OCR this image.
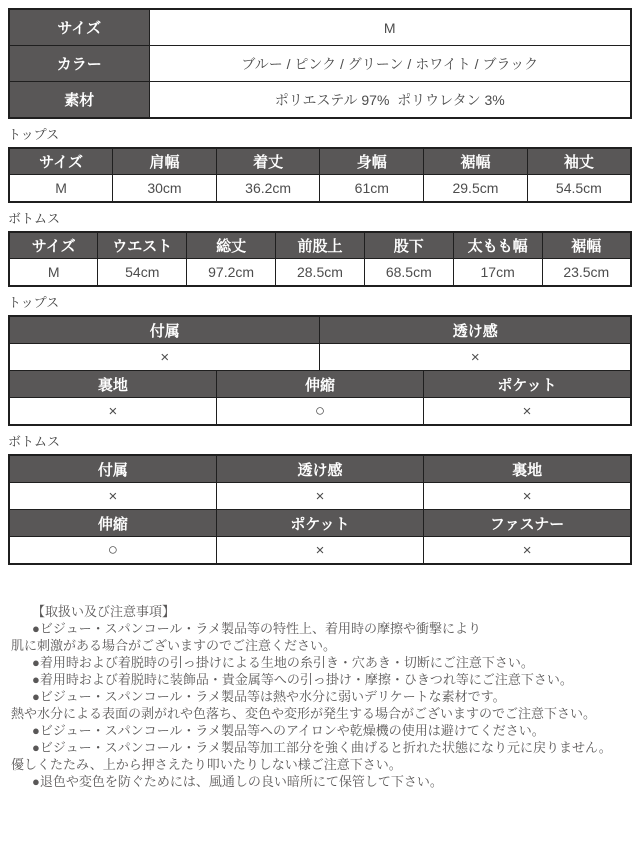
サイズ	M
カラー	ブルー / ピンク / グリーン / ホワイト / ブラック
素材	ポリエステル 97%  ポリウレタン 3%
トップス
サイズ	肩幅	着丈	身幅	裾幅	袖丈
M	30cm	36.2cm	61cm	29.5cm	54.5cm
ボトムス
サイズ	ウエスト	総丈	前股上	股下	太もも幅	裾幅
M	54cm	97.2cm	28.5cm	68.5cm	17cm	23.5cm
トップス
付属		透け感	
×		×	
裏地	伸縮		ポケット
×	○		×
ボトムス
付属	透け感	裏地
×	×	×
伸縮	ポケット	ファスナー
○	×	×
【取扱い及び注意事項】
●ビジュー・スパンコール・ラメ製品等の特性上、着用時の摩擦や衝撃により
肌に刺激がある場合がございますのでご注意ください。
●着用時および着脱時の引っ掛けによる生地の糸引き・穴あき・切断にご注意下さい。
●着用時および着脱時に装飾品・貴金属等への引っ掛け・摩擦・ひきつれ等にご注意下さい。
●ビジュー・スパンコール・ラメ製品等は熱や水分に弱いデリケートな素材です。
熱や水分による表面の剥がれや色落ち、変色や変形が発生する場合がございますのでご注意下さい。
●ビジュー・スパンコール・ラメ製品等へのアイロンや乾燥機の使用は避けてください。
●ビジュー・スパンコール・ラメ製品等加工部分を強く曲げると折れた状態になり元に戻りません。
優しくたたみ、上から押さえたり叩いたりしない様ご注意下さい。
●退色や変色を防ぐためには、風通しの良い暗所にて保管して下さい。
